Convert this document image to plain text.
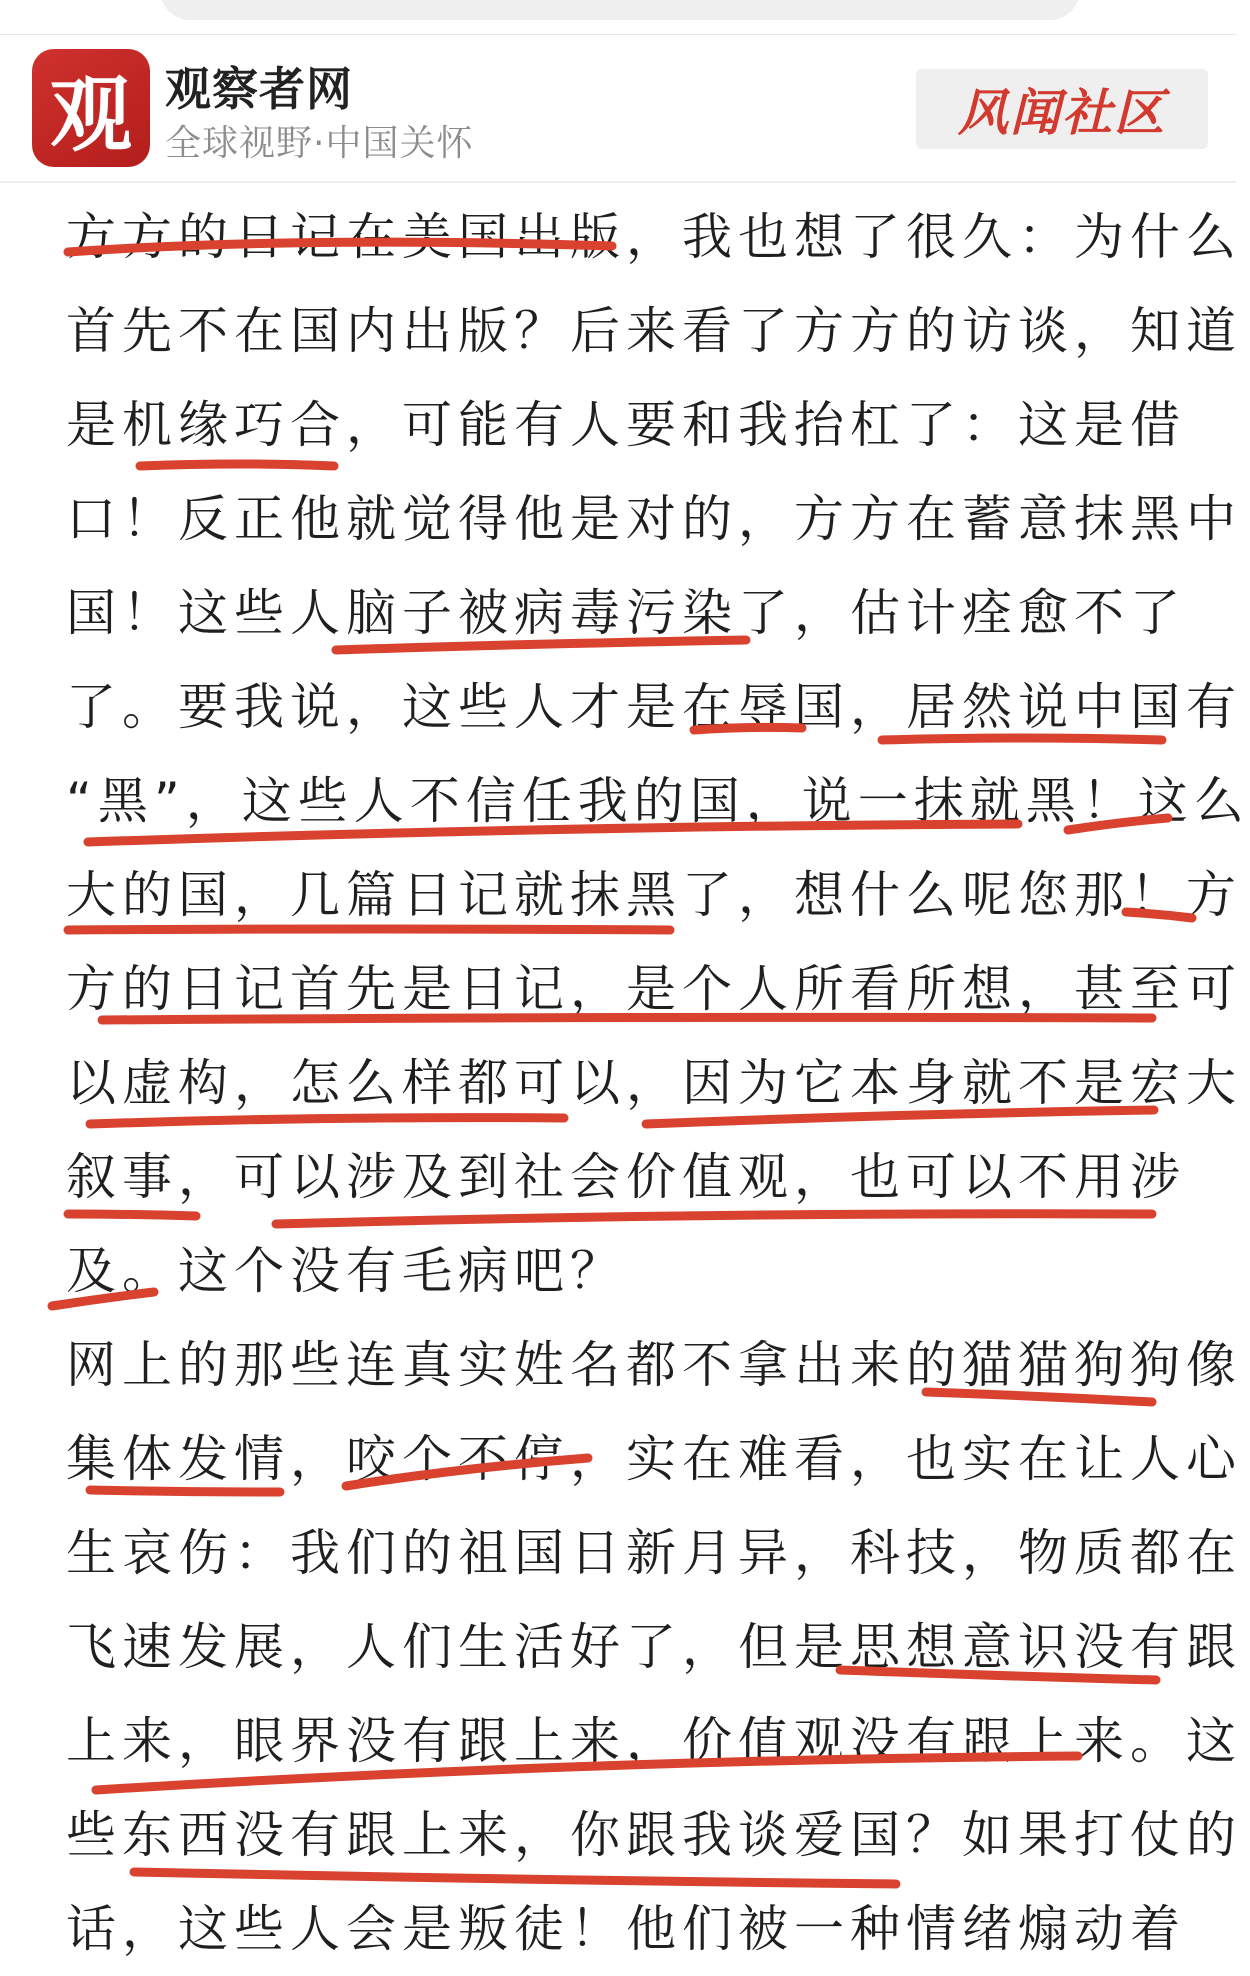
观 观察者网
全球视野·中国关怀
风闻社区
方方的日记在美国出版，我也想了很久：为什么
首先不在国内出版？后来看了方方的访谈，知道
是机缘巧合，可能有人要和我抬杠了：这是借
口！反正他就觉得他是对的，方方在蓄意抹黑中
国！这些人脑子被病毒污染了，估计痊愈不了
了。要我说，这些人才是在辱国，居然说中国有
“黑”，这些人不信任我的国，说一抹就黑！这么
大的国，几篇日记就抹黑了，想什么呢您那！方
方的日记首先是日记，是个人所看所想，甚至可
以虚构，怎么样都可以，因为它本身就不是宏大
叙事，可以涉及到社会价值观，也可以不用涉
及。这个没有毛病吧？
网上的那些连真实姓名都不拿出来的猫猫狗狗像
集体发情，咬个不停，实在难看，也实在让人心
生哀伤：我们的祖国日新月异，科技，物质都在
飞速发展，人们生活好了，但是思想意识没有跟
上来，眼界没有跟上来，价值观没有跟上来。这
些东西没有跟上来，你跟我谈爱国？如果打仗的
话，这些人会是叛徒！他们被一种情绪煽动着
